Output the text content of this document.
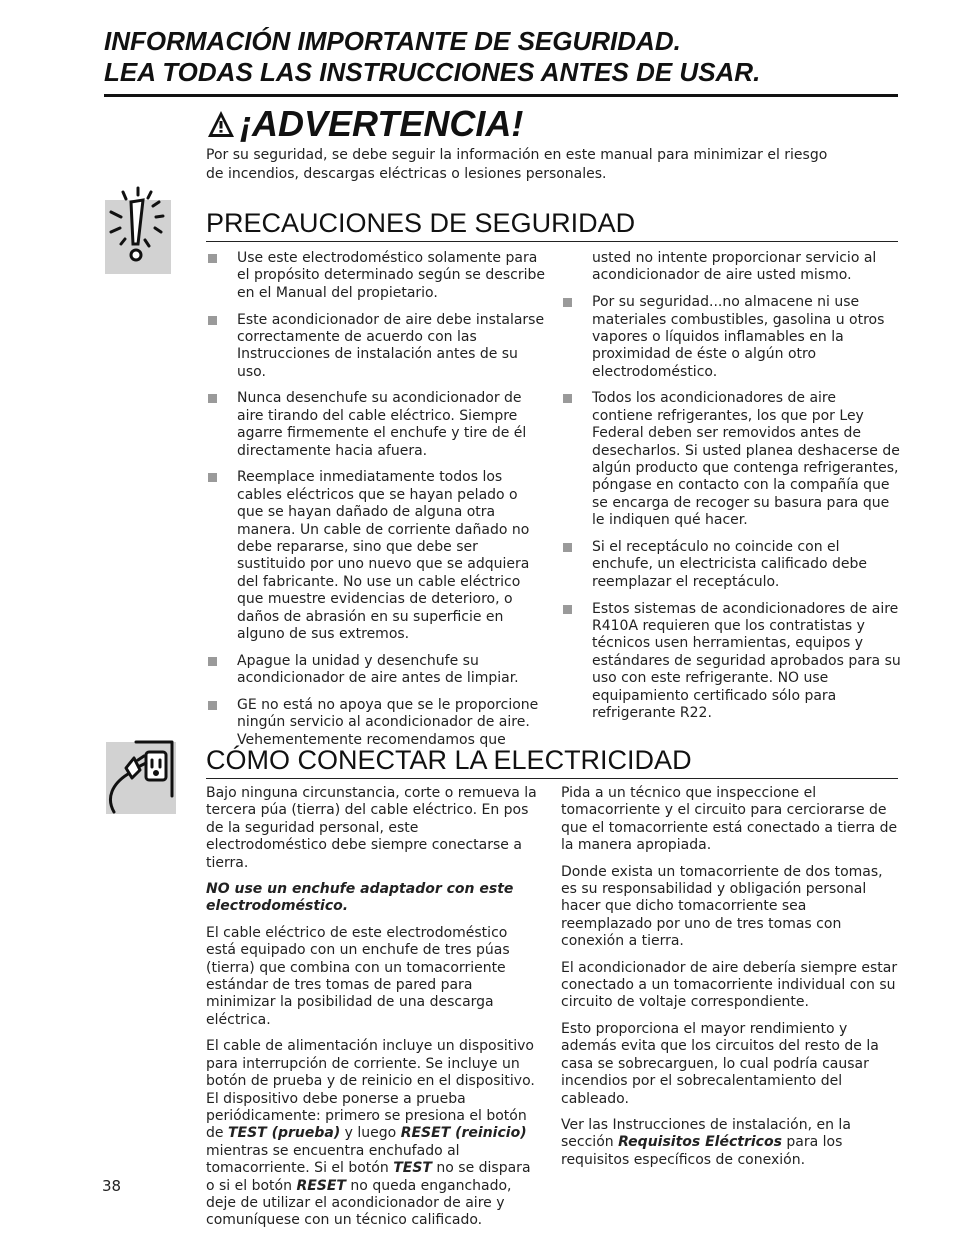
INFORMACIÓN IMPORTANTE DE SEGURIDAD.
LEA TODAS LAS INSTRUCCIONES ANTES DE USAR.
¡ADVERTENCIA!
Por su seguridad, se debe seguir la información en este manual para minimizar el riesgo de incendios, descargas eléctricas o lesiones personales.
PRECAUCIONES DE SEGURIDAD
Use este electrodoméstico solamente para el propósito determinado según se describe en el Manual del propietario.
Este acondicionador de aire debe instalarse correctamente de acuerdo con las Instrucciones de instalación antes de su uso.
Nunca desenchufe su acondicionador de aire tirando del cable eléctrico. Siempre agarre firmemente el enchufe y tire de él directamente hacia afuera.
Reemplace inmediatamente todos los cables eléctricos que se hayan pelado o que se hayan dañado de alguna otra manera. Un cable de corriente dañado no debe repararse, sino que debe ser sustituido por uno nuevo que se adquiera del fabricante. No use un cable eléctrico que muestre evidencias de deterioro, o daños de abrasión en su superficie en alguno de sus extremos.
Apague la unidad y desenchufe su acondicionador de aire antes de limpiar.
GE no está no apoya que se le proporcione ningún servicio al acondicionador de aire. Vehementemente recomendamos que
usted no intente proporcionar servicio al acondicionador de aire usted mismo.
Por su seguridad...no almacene ni use materiales combustibles, gasolina u otros vapores o líquidos inflamables en la proximidad de éste o algún otro electrodoméstico.
Todos los acondicionadores de aire contiene refrigerantes, los que por Ley Federal deben ser removidos antes de desecharlos. Si usted planea deshacerse de algún producto que contenga refrigerantes, póngase en contacto con la compañía que se encarga de recoger su basura para que le indiquen qué hacer.
Si el receptáculo no coincide con el enchufe, un electricista calificado debe reemplazar el receptáculo.
Estos sistemas de acondicionadores de aire R410A requieren que los contratistas y técnicos usen herramientas, equipos y estándares de seguridad aprobados para su uso con este refrigerante. NO use equipamiento certificado sólo para refrigerante R22.
CÓMO CONECTAR LA ELECTRICIDAD

Bajo ninguna circunstancia, corte o remueva la tercera púa (tierra) del cable eléctrico. En pos de la seguridad personal, este electrodoméstico debe siempre conectarse a tierra.

NO use un enchufe adaptador con este electrodoméstico.

El cable eléctrico de este electrodoméstico está equipado con un enchufe de tres púas (tierra) que combina con un tomacorriente estándar de tres tomas de pared para minimizar la posibilidad de una descarga eléctrica.

El cable de alimentación incluye un dispositivo para interrupción de corriente. Se incluye un botón de prueba y de reinicio en el dispositivo. El dispositivo debe ponerse a prueba periódicamente: primero se presiona el botón de TEST (prueba) y luego RESET (reinicio) mientras se encuentra enchufado al tomacorriente. Si el botón TEST no se dispara o si el botón RESET no queda enganchado, deje de utilizar el acondicionador de aire y comuníquese con un técnico calificado.

Pida a un técnico que inspeccione el tomacorriente y el circuito para cerciorarse de que el tomacorriente está conectado a tierra de la manera apropiada.

Donde exista un tomacorriente de dos tomas, es su responsabilidad y obligación personal hacer que dicho tomacorriente sea reemplazado por uno de tres tomas con conexión a tierra.

El acondicionador de aire debería siempre estar conectado a un tomacorriente individual con su circuito de voltaje correspondiente.

Esto proporciona el mayor rendimiento y además evita que los circuitos del resto de la casa se sobrecarguen, lo cual podría causar incendios por el sobrecalentamiento del cableado.

Ver las Instrucciones de instalación, en la sección Requisitos Eléctricos para los requisitos específicos de conexión.

38
